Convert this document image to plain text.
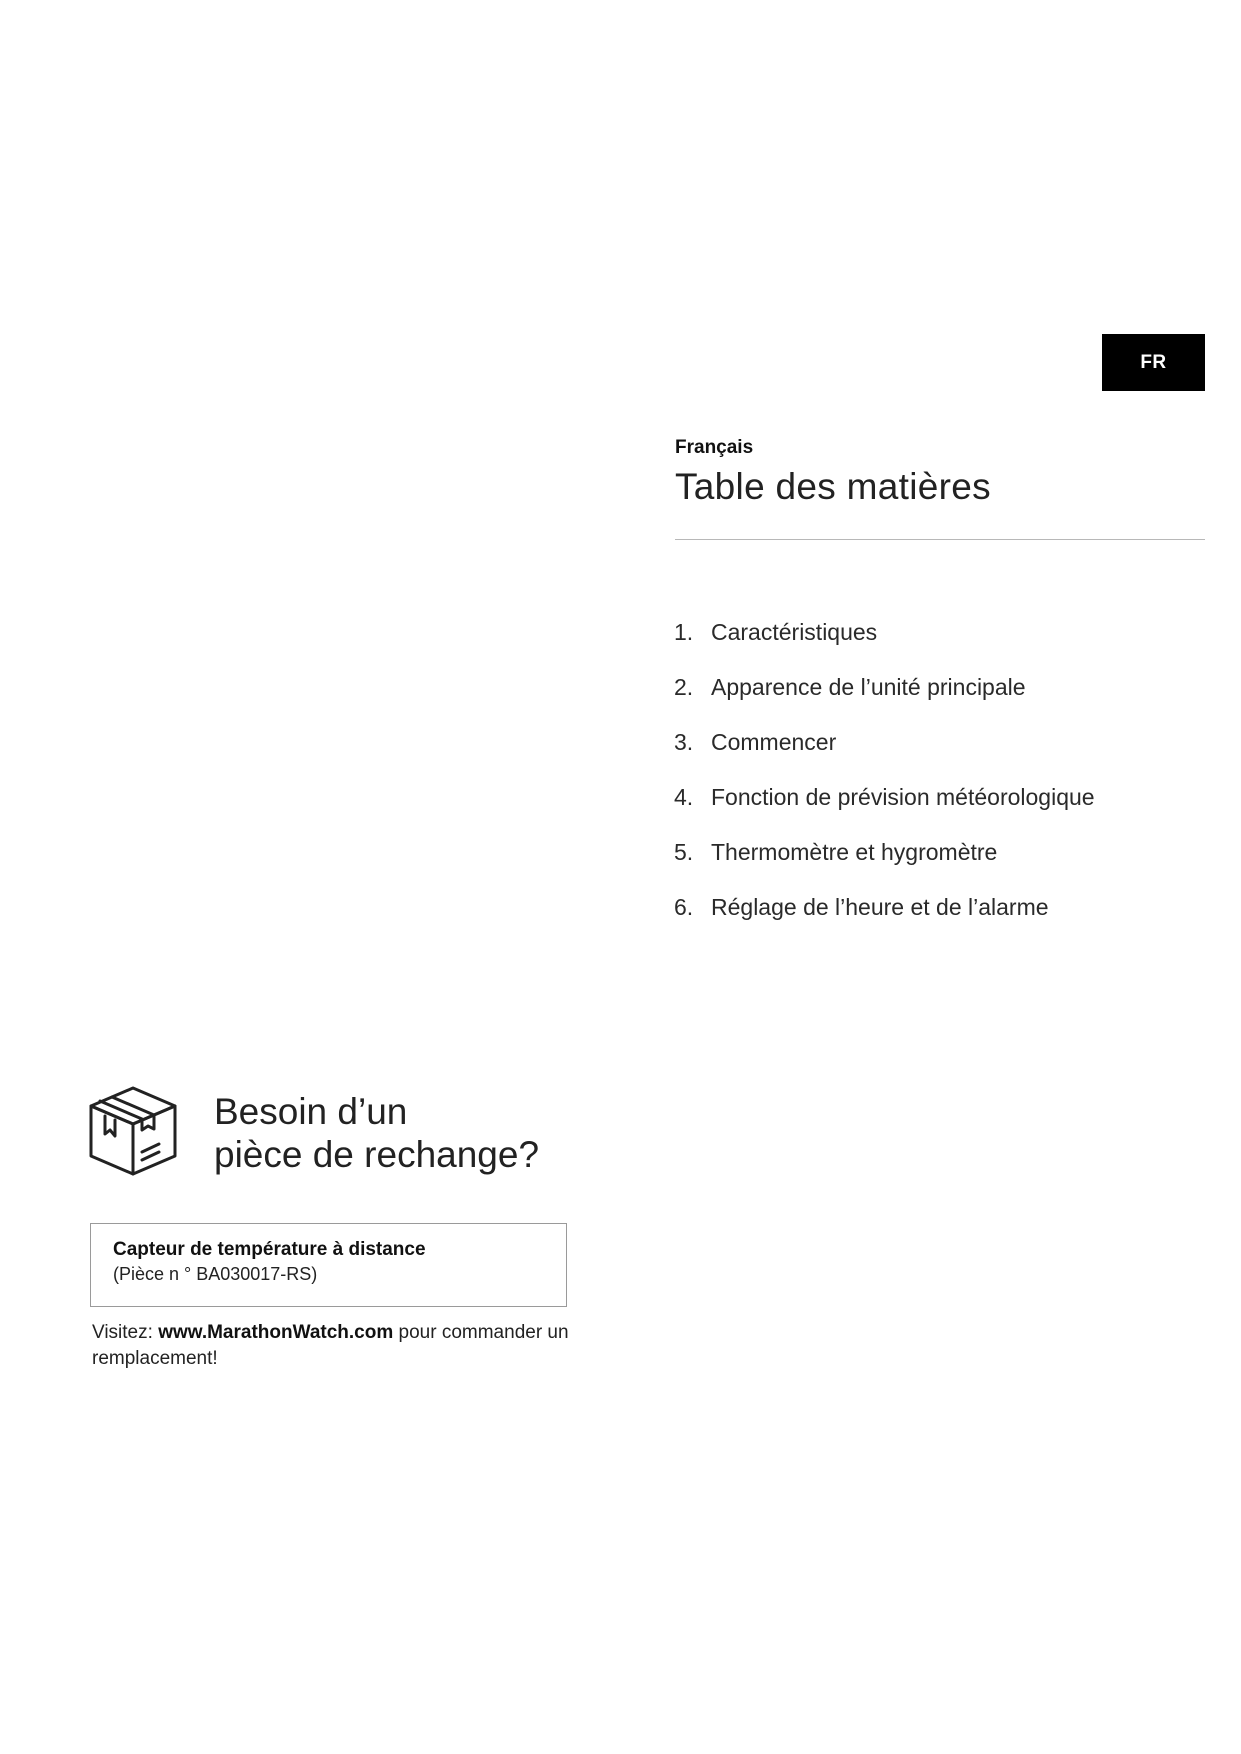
FR
Français
Table des matières
1. Caractéristiques
2. Apparence de l’unité principale
3. Commencer
4. Fonction de prévision météorologique
5. Thermomètre et hygromètre
6. Réglage de l’heure et de l’alarme
Besoin d’un
pièce de rechange?
Capteur de température à distance
(Pièce n ° BA030017-RS)
Visitez: www.MarathonWatch.com pour commander un remplacement!
